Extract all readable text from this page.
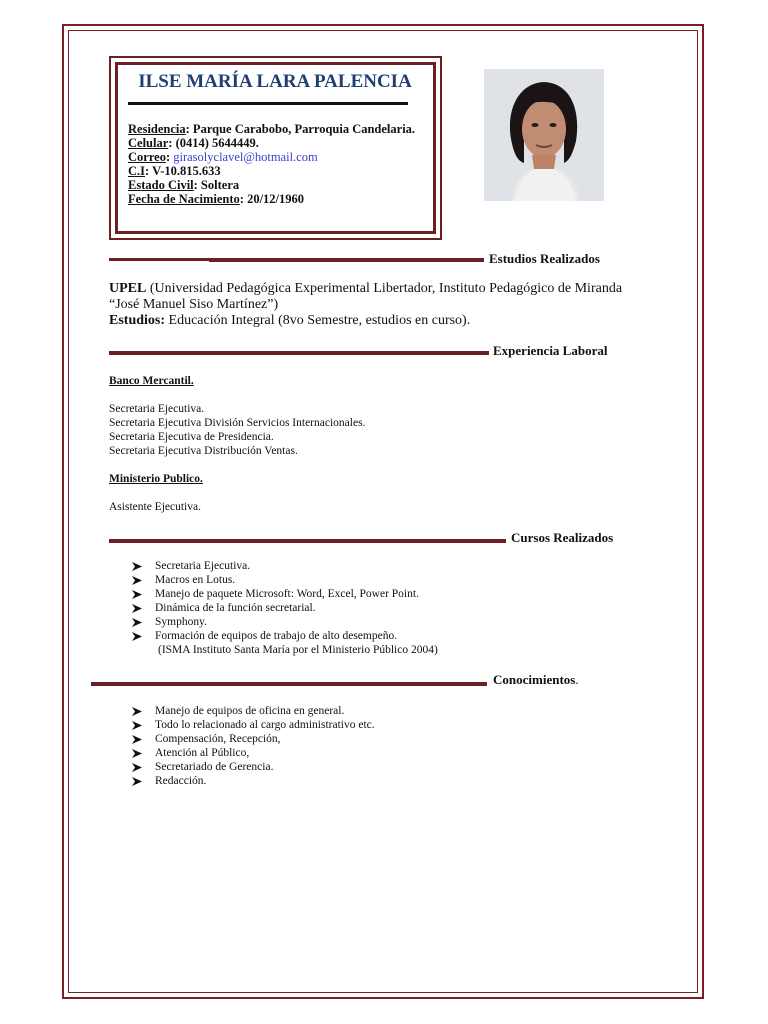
ILSE MARÍA LARA PALENCIA
Residencia: Parque Carabobo, Parroquia Candelaria.
Celular: (0414) 5644449.
Correo: girasolyclavel@hotmail.com
C.I: V-10.815.633
Estado Civil: Soltera
Fecha de Nacimiento: 20/12/1960
Estudios Realizados
UPEL (Universidad Pedagógica Experimental Libertador, Instituto Pedagógico de Miranda
“José Manuel Siso Martínez”)
Estudios: Educación Integral (8vo Semestre, estudios en curso).
Experiencia Laboral
Banco Mercantil.
Secretaria Ejecutiva.
Secretaria Ejecutiva División Servicios Internacionales.
Secretaria Ejecutiva de Presidencia.
Secretaria Ejecutiva Distribución Ventas.
Ministerio Publico.
Asistente Ejecutiva.
Cursos Realizados
Secretaria Ejecutiva.
Macros en Lotus.
Manejo de paquete Microsoft: Word, Excel, Power Point.
Dinámica de la función secretarial.
Symphony.
Formación de equipos de trabajo de alto desempeño.
(ISMA Instituto Santa María por el Ministerio Público 2004)
Conocimientos.
Manejo de equipos de oficina en general.
Todo lo relacionado al cargo administrativo etc.
Compensación, Recepción,
Atención al Público,
Secretariado de Gerencia.
Redacción.
